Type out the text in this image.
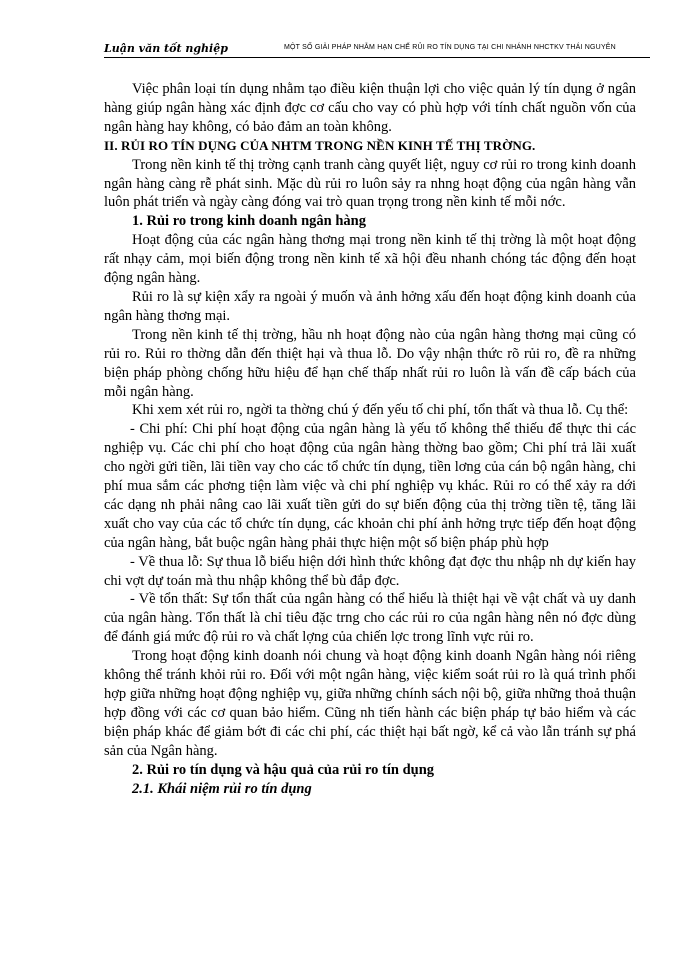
Luận văn tốt nghiệp	MỘT SỐ GIẢI PHÁP NHẰM HẠN CHẾ RỦI RO TÍN DỤNG TẠI CHI NHÁNH NHCTKV THÁI NGUYÊN

Việc phân loại tín dụng nhằm tạo điều kiện thuận lợi cho việc quản lý tín dụng ở ngân hàng giúp ngân hàng xác định đợc cơ cấu cho vay có phù hợp với tính chất nguồn vốn của ngân hàng hay không, có bảo đảm an toàn không.

II. RỦI RO TÍN DỤNG CỦA NHTM TRONG NỀN KINH TẾ THỊ TRỜNG.

Trong nền kinh tế thị trờng cạnh tranh càng quyết liệt, nguy cơ rủi ro trong kinh doanh ngân hàng càng rễ phát sinh. Mặc dù rủi ro luôn sảy ra nhng hoạt động của ngân hàng vẫn luôn phát triển và ngày càng đóng vai trò quan trọng trong nền kinh tế mỗi nớc.

1. Rủi ro trong kinh doanh ngân hàng

Hoạt động của các ngân hàng thơng mại trong nền kinh tế thị trờng là một hoạt động rất nhạy cảm, mọi biến động trong nền kinh tế xã hội đều nhanh chóng tác động đến hoạt động ngân hàng.

Rủi ro là sự kiện xẩy ra ngoài ý muốn và ảnh hởng xấu đến hoạt động kinh doanh của ngân hàng thơng mại.

Trong nền kinh tế thị trờng, hầu nh hoạt động nào của ngân hàng thơng mại cũng có rủi ro. Rủi ro thờng dẫn đến thiệt hại và thua lỗ. Do vậy nhận thức rõ rủi ro, đề ra những biện pháp phòng chống hữu hiệu để hạn chế thấp nhất rủi ro luôn là vấn đề cấp bách của mỗi ngân hàng.

Khi xem xét rủi ro, ngời ta thờng chú ý đến yếu tố chi phí, tổn thất và thua lỗ. Cụ thể:

- Chi phí: Chi phí hoạt động của ngân hàng là yếu tố không thể thiếu để thực thi các nghiệp vụ. Các chi phí cho hoạt động của ngân hàng thờng bao gồm; Chi phí trả lãi xuất cho ngời gửi tiền, lãi tiền vay cho các tổ chức tín dụng, tiền lơng của cán bộ ngân hàng, chi phí mua sắm các phơng tiện làm việc và chi phí nghiệp vụ khác. Rủi ro có thể xảy ra dới các dạng nh phải nâng cao lãi xuất tiền gửi do sự biến động của thị trờng tiền tệ, tăng lãi xuất cho vay của các tổ chức tín dụng, các khoản chi phí ảnh hởng trực tiếp đến hoạt động của ngân hàng, bắt buộc ngân hàng phải thực hiện một số biện pháp phù hợp

- Về thua lỗ: Sự thua lỗ biểu hiện dới hình thức không đạt đợc thu nhập nh dự kiến hay chi vợt dự toán mà thu nhập không thể bù đắp đợc.

- Về tổn thất: Sự tổn thất của ngân hàng có thể hiểu là thiệt hại về vật chất và uy danh của ngân hàng. Tổn thất là chỉ tiêu đặc trng cho các rủi ro của ngân hàng nên nó đợc dùng để đánh giá mức độ rủi ro và chất lợng của chiến lợc trong lĩnh vực rủi ro.

Trong hoạt động kinh doanh nói chung và hoạt động kinh doanh Ngân hàng nói riêng không thể tránh khỏi rủi ro. Đối với một ngân hàng, việc kiểm soát rủi ro là quá trình phối hợp giữa những hoạt động nghiệp vụ, giữa những chính sách nội bộ, giữa những thoả thuận hợp đồng với các cơ quan bảo hiểm. Cũng nh tiến hành các biện pháp tự bảo hiểm và các biện pháp khác để giảm bớt đi các chi phí, các thiệt hại bất ngờ, kể cả vào lẫn tránh sự phá sản của Ngân hàng.

2. Rủi ro tín dụng và hậu quả của rủi ro tín dụng
2.1. Khái niệm rủi ro tín dụng
